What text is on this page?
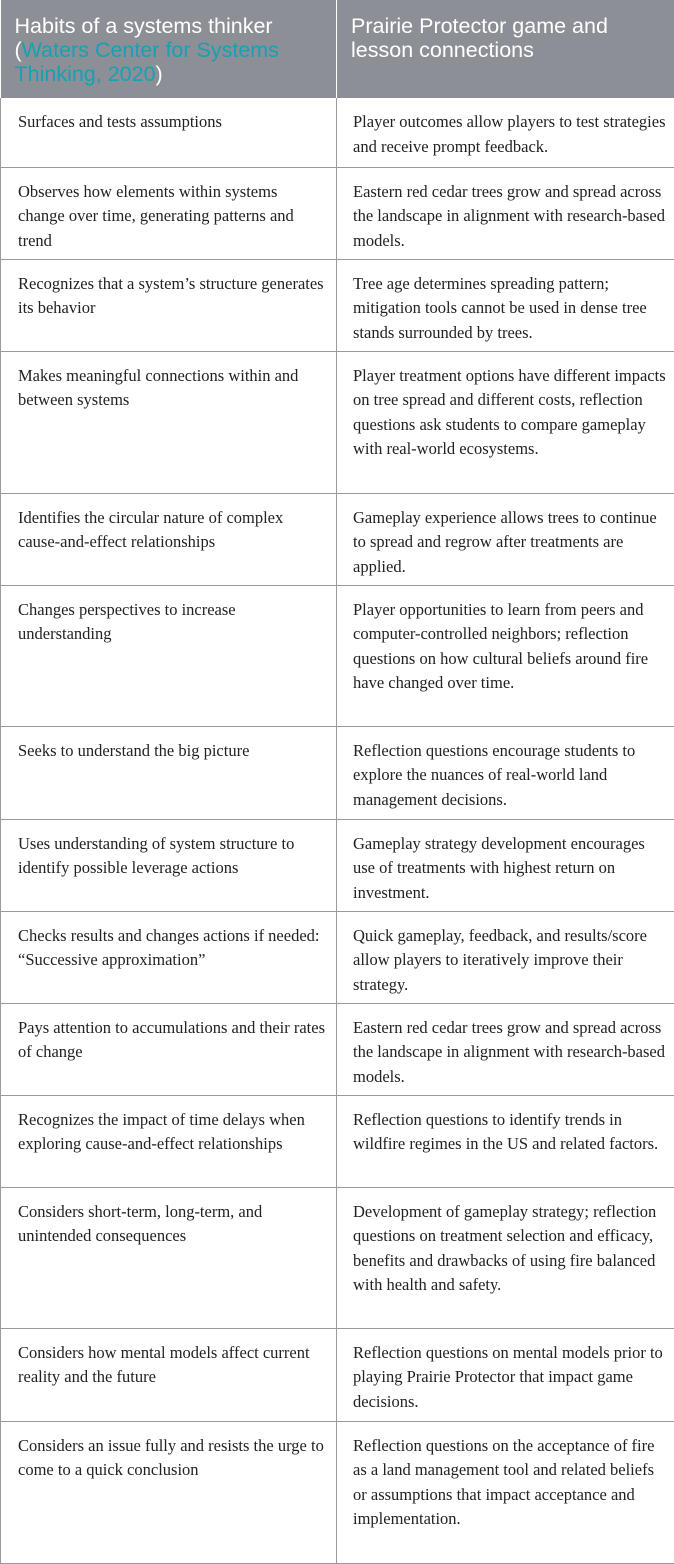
Habits of a systems thinker (Waters Center for Systems Thinking, 2020)	Prairie Protector game and lesson connections
Surfaces and tests assumptions	Player outcomes allow players to test strategies and receive prompt feedback.
Observes how elements within systems change over time, generating patterns and trend	Eastern red cedar trees grow and spread across the landscape in alignment with research-based models.
Recognizes that a system’s structure generates its behavior	Tree age determines spreading pattern; mitigation tools cannot be used in dense tree stands surrounded by trees.
Makes meaningful connections within and between systems	Player treatment options have different impacts on tree spread and different costs, reflection questions ask students to compare gameplay with real-world ecosystems.
Identifies the circular nature of complex cause-and-effect relationships	Gameplay experience allows trees to continue to spread and regrow after treatments are applied.
Changes perspectives to increase understanding	Player opportunities to learn from peers and computer-controlled neighbors; reflection questions on how cultural beliefs around fire have changed over time.
Seeks to understand the big picture	Reflection questions encourage students to explore the nuances of real-world land management decisions.
Uses understanding of system structure to identify possible leverage actions	Gameplay strategy development encourages use of treatments with highest return on investment.
Checks results and changes actions if needed: “Successive approximation”	Quick gameplay, feedback, and results/score allow players to iteratively improve their strategy.
Pays attention to accumulations and their rates of change	Eastern red cedar trees grow and spread across the landscape in alignment with research-based models.
Recognizes the impact of time delays when exploring cause-and-effect relationships	Reflection questions to identify trends in wildfire regimes in the US and related factors.
Considers short-term, long-term, and unintended consequences	Development of gameplay strategy; reflection questions on treatment selection and efficacy, benefits and drawbacks of using fire balanced with health and safety.
Considers how mental models affect current reality and the future	Reflection questions on mental models prior to playing Prairie Protector that impact game decisions.
Considers an issue fully and resists the urge to come to a quick conclusion	Reflection questions on the acceptance of fire as a land management tool and related beliefs or assumptions that impact acceptance and implementation.
